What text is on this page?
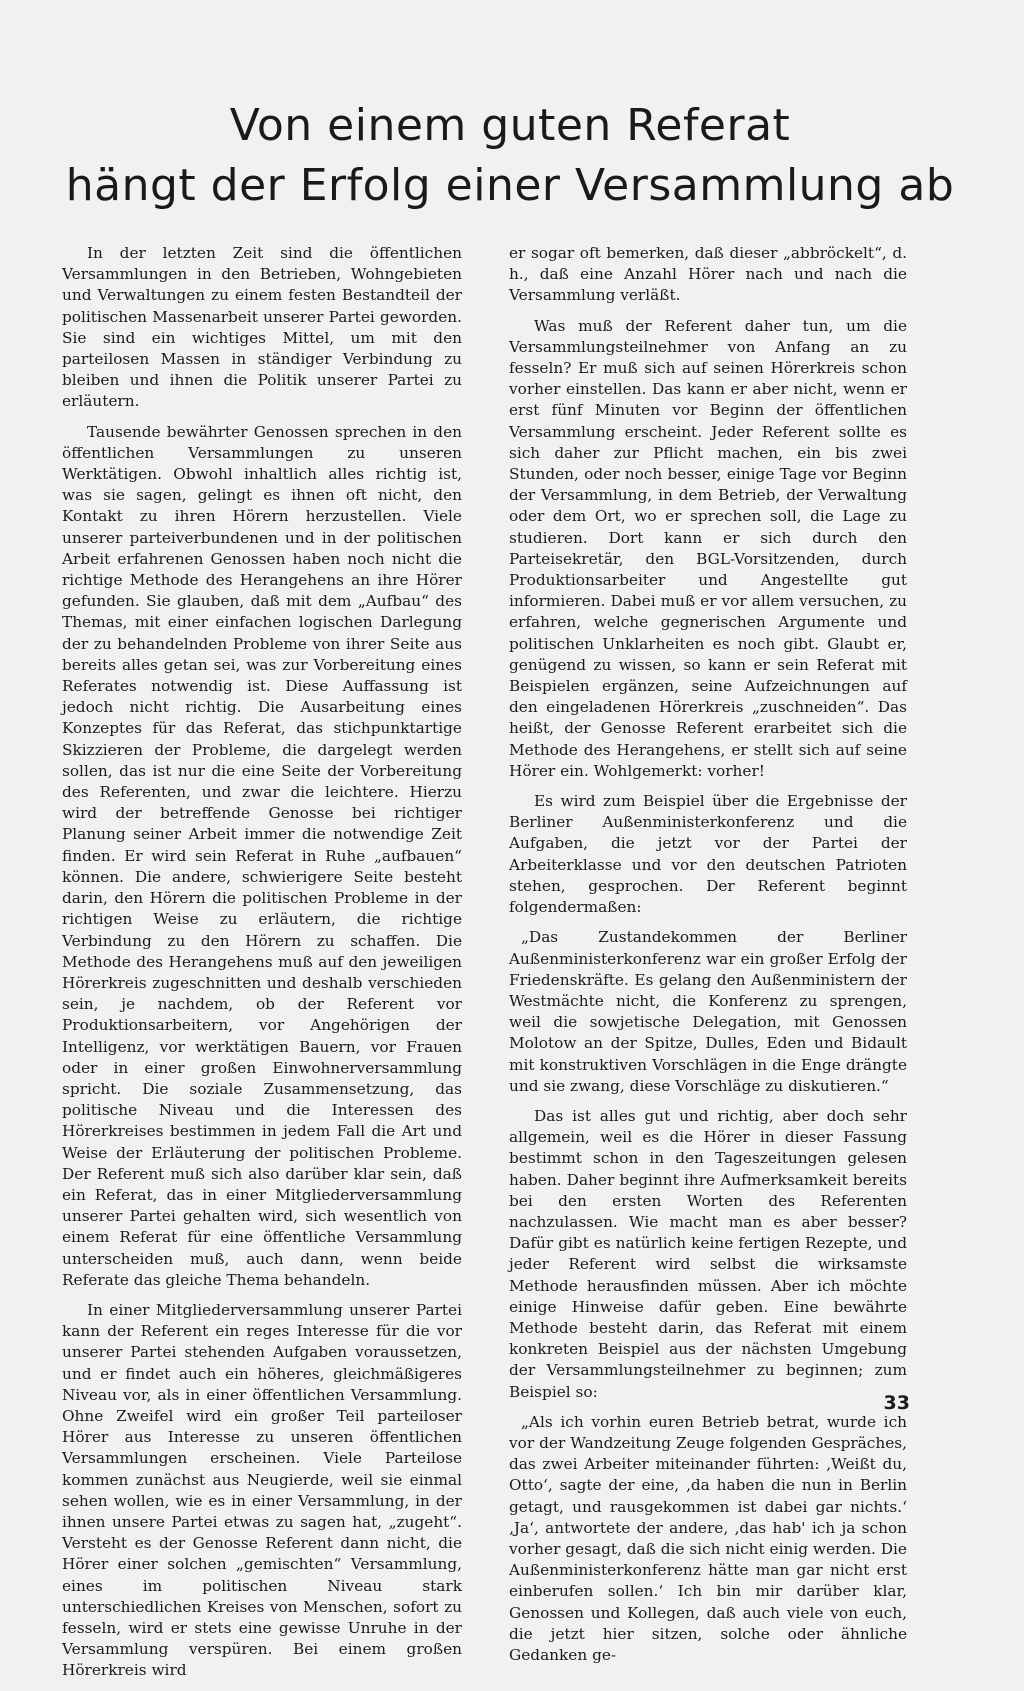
Von einem guten Referat
hängt der Erfolg einer Versammlung ab

In der letzten Zeit sind die öffentlichen Versammlungen in den Betrieben, Wohngebieten und Verwaltungen zu einem festen Bestandteil der politischen Massenarbeit unserer Partei geworden. Sie sind ein wichtiges Mittel, um mit den parteilosen Massen in ständiger Verbindung zu bleiben und ihnen die Politik unserer Partei zu erläutern.

Tausende bewährter Genossen sprechen in den öffentlichen Versammlungen zu unseren Werktätigen. Obwohl inhaltlich alles richtig ist, was sie sagen, gelingt es ihnen oft nicht, den Kontakt zu ihren Hörern herzustellen. Viele unserer parteiverbundenen und in der politischen Arbeit erfahrenen Genossen haben noch nicht die richtige Methode des Herangehens an ihre Hörer gefunden. Sie glauben, daß mit dem „Aufbau“ des Themas, mit einer einfachen logischen Darlegung der zu behandelnden Probleme von ihrer Seite aus bereits alles getan sei, was zur Vorbereitung eines Referates notwendig ist. Diese Auffassung ist jedoch nicht richtig. Die Ausarbeitung eines Konzeptes für das Referat, das stichpunktartige Skizzieren der Probleme, die dargelegt werden sollen, das ist nur die eine Seite der Vorbereitung des Referenten, und zwar die leichtere. Hierzu wird der betreffende Genosse bei richtiger Planung seiner Arbeit immer die notwendige Zeit finden. Er wird sein Referat in Ruhe „aufbauen“ können. Die andere, schwierigere Seite besteht darin, den Hörern die politischen Probleme in der richtigen Weise zu erläutern, die richtige Verbindung zu den Hörern zu schaffen. Die Methode des Herangehens muß auf den jeweiligen Hörerkreis zugeschnitten und deshalb verschieden sein, je nachdem, ob der Referent vor Produktionsarbeitern, vor Angehörigen der Intelligenz, vor werktätigen Bauern, vor Frauen oder in einer großen Einwohnerversammlung spricht. Die soziale Zusammensetzung, das politische Niveau und die Interessen des Hörerkreises bestimmen in jedem Fall die Art und Weise der Erläuterung der politischen Probleme. Der Referent muß sich also darüber klar sein, daß ein Referat, das in einer Mitgliederversammlung unserer Partei gehalten wird, sich wesentlich von einem Referat für eine öffentliche Versammlung unterscheiden muß, auch dann, wenn beide Referate das gleiche Thema behandeln.

In einer Mitgliederversammlung unserer Partei kann der Referent ein reges Interesse für die vor unserer Partei stehenden Aufgaben voraussetzen, und er findet auch ein höheres, gleichmäßigeres Niveau vor, als in einer öffentlichen Versammlung. Ohne Zweifel wird ein großer Teil parteiloser Hörer aus Interesse zu unseren öffentlichen Versammlungen erscheinen. Viele Parteilose kommen zunächst aus Neugierde, weil sie einmal sehen wollen, wie es in einer Versammlung, in der ihnen unsere Partei etwas zu sagen hat, „zugeht“. Versteht es der Genosse Referent dann nicht, die Hörer einer solchen „gemischten“ Versammlung, eines im politischen Niveau stark unterschiedlichen Kreises von Menschen, sofort zu fesseln, wird er stets eine gewisse Unruhe in der Versammlung verspüren. Bei einem großen Hörerkreis wird

er sogar oft bemerken, daß dieser „abbröckelt“, d. h., daß eine Anzahl Hörer nach und nach die Versammlung verläßt.

Was muß der Referent daher tun, um die Versammlungsteilnehmer von Anfang an zu fesseln? Er muß sich auf seinen Hörerkreis schon vorher einstellen. Das kann er aber nicht, wenn er erst fünf Minuten vor Beginn der öffentlichen Versammlung erscheint. Jeder Referent sollte es sich daher zur Pflicht machen, ein bis zwei Stunden, oder noch besser, einige Tage vor Beginn der Versammlung, in dem Betrieb, der Verwaltung oder dem Ort, wo er sprechen soll, die Lage zu studieren. Dort kann er sich durch den Parteisekretär, den BGL-Vorsitzenden, durch Produktionsarbeiter und Angestellte gut informieren. Dabei muß er vor allem versuchen, zu erfahren, welche gegnerischen Argumente und politischen Unklarheiten es noch gibt. Glaubt er, genügend zu wissen, so kann er sein Referat mit Beispielen ergänzen, seine Aufzeichnungen auf den eingeladenen Hörerkreis „zuschneiden“. Das heißt, der Genosse Referent erarbeitet sich die Methode des Herangehens, er stellt sich auf seine Hörer ein. Wohlgemerkt: vorher!

Es wird zum Beispiel über die Ergebnisse der Berliner Außenministerkonferenz und die Aufgaben, die jetzt vor der Partei der Arbeiterklasse und vor den deutschen Patrioten stehen, gesprochen. Der Referent beginnt folgendermaßen:

„Das Zustandekommen der Berliner Außenministerkonferenz war ein großer Erfolg der Friedenskräfte. Es gelang den Außenministern der Westmächte nicht, die Konferenz zu sprengen, weil die sowjetische Delegation, mit Genossen Molotow an der Spitze, Dulles, Eden und Bidault mit konstruktiven Vorschlägen in die Enge drängte und sie zwang, diese Vorschläge zu diskutieren.“

Das ist alles gut und richtig, aber doch sehr allgemein, weil es die Hörer in dieser Fassung bestimmt schon in den Tageszeitungen gelesen haben. Daher beginnt ihre Aufmerksamkeit bereits bei den ersten Worten des Referenten nachzulassen. Wie macht man es aber besser? Dafür gibt es natürlich keine fertigen Rezepte, und jeder Referent wird selbst die wirksamste Methode herausfinden müssen. Aber ich möchte einige Hinweise dafür geben. Eine bewährte Methode besteht darin, das Referat mit einem konkreten Beispiel aus der nächsten Umgebung der Versammlungsteilnehmer zu beginnen; zum Beispiel so:

„Als ich vorhin euren Betrieb betrat, wurde ich vor der Wandzeitung Zeuge folgenden Gespräches, das zwei Arbeiter miteinander führten: ‚Weißt du, Otto‘, sagte der eine, ‚da haben die nun in Berlin getagt, und rausgekommen ist dabei gar nichts.‘ ‚Ja‘, antwortete der andere, ‚das hab' ich ja schon vorher gesagt, daß die sich nicht einig werden. Die Außenministerkonferenz hätte man gar nicht erst einberufen sollen.‘ Ich bin mir darüber klar, Genossen und Kollegen, daß auch viele von euch, die jetzt hier sitzen, solche oder ähnliche Gedanken ge-

33
